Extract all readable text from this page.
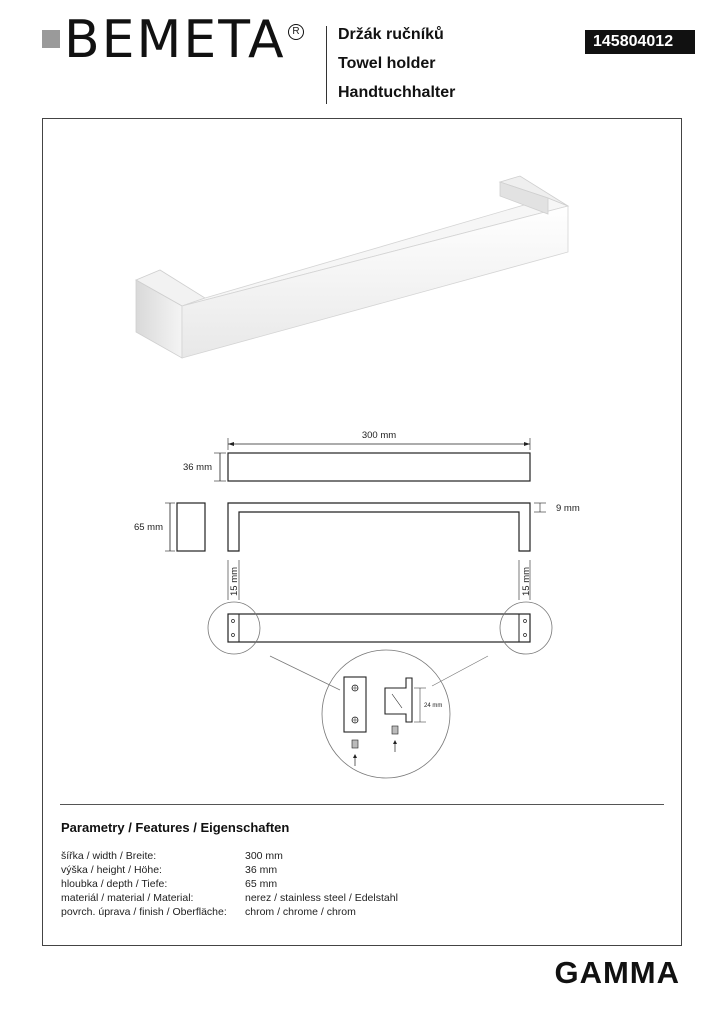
BEMETA R Držák ručníků
Towel holder
Handtuchhalter
145804012
300 mm
36 mm
65 mm
9 mm
15 mm	15 mm
24 mm
Parametry / Features / Eigenschaften
šířka / width / Breite:	300 mm
výška / height / Höhe:	36 mm
hloubka / depth / Tiefe:	65 mm
materiál / material / Material:	nerez / stainless steel / Edelstahl
povrch. úprava / finish / Oberfläche: chrom / chrome / chrom
GAMMA
